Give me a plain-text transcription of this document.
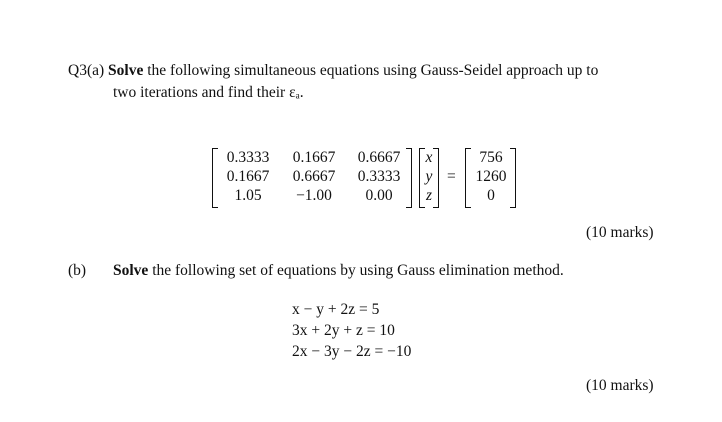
Q3(a) Solve the following simultaneous equations using Gauss-Seidel approach up to
two iterations and find their εₐ.
0.3333	0.1667	0.6667
0.1667	0.6667	0.3333
1.05	−1.00	0.00
x
y
z
=
756
1260
0
(10 marks)
(b) Solve the following set of equations by using Gauss elimination method.
x − y + 2z = 5
3x + 2y + z = 10
2x − 3y − 2z = −10
(10 marks)
